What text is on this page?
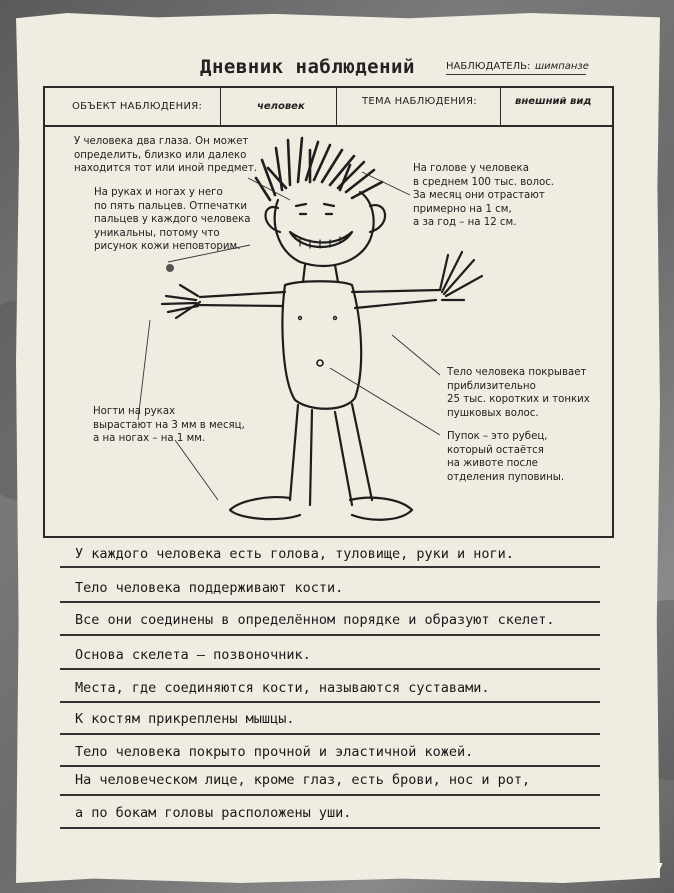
Дневник наблюдений	НАБЛЮДАТЕЛЬ: шимпанзе
ОБЪЕКТ НАБЛЮДЕНИЯ:	человек	ТЕМА НАБЛЮДЕНИЯ:	внешний вид
У человека два глаза. Он может
определить, близко или далеко
находится тот или иной предмет.
На руках и ногах у него
по пять пальцев. Отпечатки
пальцев у каждого человека
уникальны, потому что
рисунок кожи неповторим.
На голове у человека
в среднем 100 тыс. волос.
За месяц они отрастают
примерно на 1 см,
а за год – на 12 см.
Тело человека покрывает
приблизительно
25 тыс. коротких и тонких
пушковых волос.
Ногти на руках
вырастают на 3 мм в месяц,
а на ногах – на 1 мм.	Пупок – это рубец,
который остаётся
на животе после
отделения пуповины.
У каждого человека есть голова, туловище, руки и ноги.
Тело человека поддерживают кости.
Все они соединены в определённом порядке и образуют скелет.
Основа скелета – позвоночник.
Места, где соединяются кости, называются суставами.
К костям прикреплены мышцы.
Тело человека покрыто прочной и эластичной кожей.
На человеческом лице, кроме глаз, есть брови, нос и рот,
а по бокам головы расположены уши.
7
